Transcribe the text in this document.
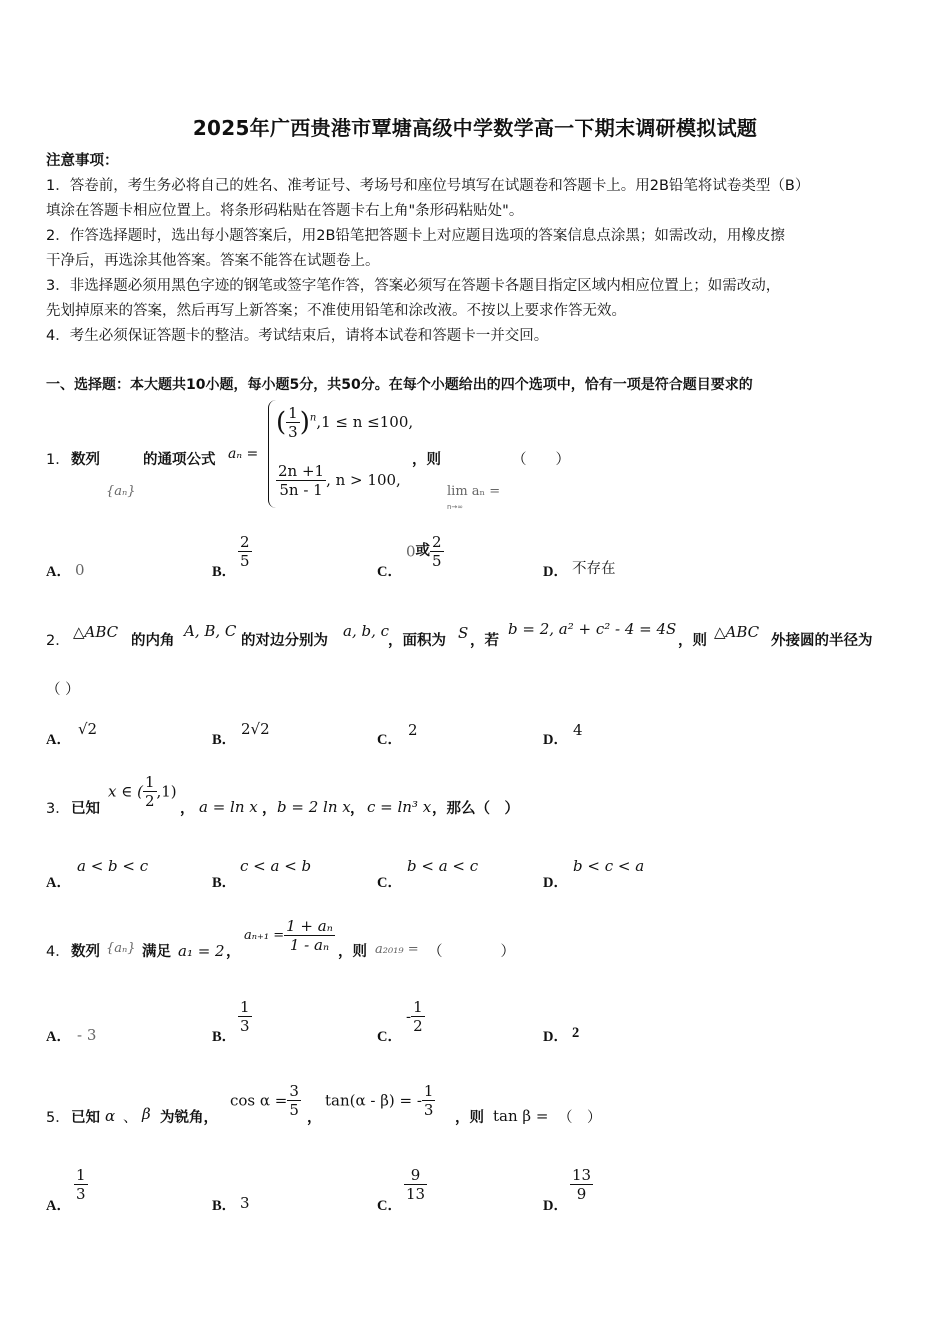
2025年广西贵港市覃塘高级中学数学高一下期末调研模拟试题
注意事项：
1．答卷前，考生务必将自己的姓名、准考证号、考场号和座位号填写在试题卷和答题卡上。用2B铅笔将试卷类型（B）
填涂在答题卡相应位置上。将条形码粘贴在答题卡右上角"条形码粘贴处"。
2．作答选择题时，选出每小题答案后，用2B铅笔把答题卡上对应题目选项的答案信息点涂黑；如需改动，用橡皮擦
干净后，再选涂其他答案。答案不能答在试题卷上。
3．非选择题必须用黑色字迹的钢笔或签字笔作答，答案必须写在答题卡各题目指定区域内相应位置上；如需改动，
先划掉原来的答案，然后再写上新答案；不准使用铅笔和涂改液。不按以上要求作答无效。
4．考生必须保证答题卡的整洁。考试结束后，请将本试卷和答题卡一并交回。
一、选择题：本大题共10小题，每小题5分，共50分。在每个小题给出的四个选项中，恰有一项是符合题目要求的
1． 数列
{aₙ}
的通项公式 aₙ =
( $\frac{1}{3} )^n,1 \le n \le 100$,
$\frac{2n +1}{5n - 1}$ , n > 100,
，则	（　　）
lim aₙ =
n→∞
A． 0	B．
$\frac{2}{5}$
C．
0或 $\frac{2}{5}$
D． 不存在
2． △ABC 的内角
A, B, C
的对边分别为
a, b, c
，面积为 S ，若
b = 2, a² + c² - 4 = 4S
，则 △ABC 外接圆的半径为
（ ）
A．
√2
B．
2√2
C．
2
D．
4
3． 已知
x ∈ ( $\frac{1}{2} ,1$)
， a = ln x ， b = 2 ln x ， c = ln³ x ，那么（　）
A．
a < b < c
B．
c < a < b
C．
b < a < c
D．
b < c < a
4． 数列 {aₙ} 满足 a₁ = 2 ，
$a_{n+1} = \frac{\text{1 + aₙ}}{\text{1 - aₙ}}$ ，则 a₂₀₁₉ = （　　　　）
A． - 3	B．
$\frac{1}{3}$
C．
- $\frac{1}{2}$
D． 2
5． 已知 α 、 β 为锐角，
$\cos \alpha = \frac{3}{5}$ ，
tan(α - β) = - $\frac{1}{3}$ ，则 tan β = （　）
A．
$\frac{1}{3}$
B． 3	C．
$\frac{9}{13}$
D．
$\frac{13}{9}$
